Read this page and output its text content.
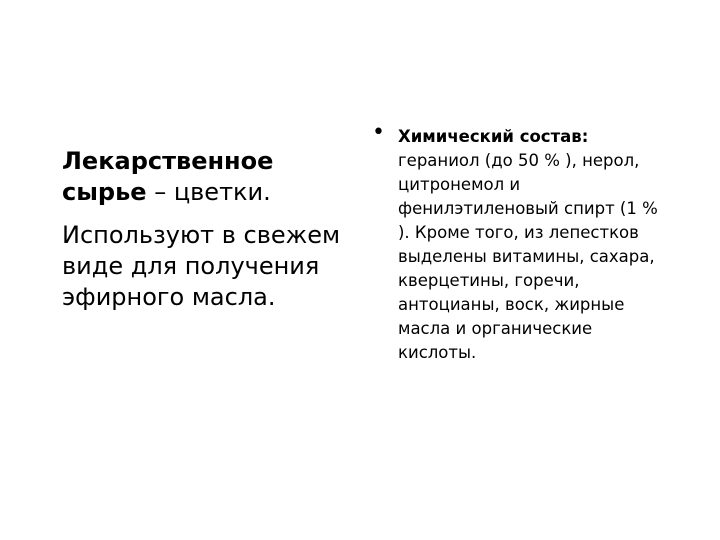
Лекарственное сырье – цветки.

Используют в свежем виде для получения эфирного масла.

• Химический состав: гераниол (до 50 % ), нерол, цитронемол и фенилэтиленовый спирт (1 % ). Кроме того, из лепестков выделены витамины, сахара, кверцетины, горечи, антоцианы, воск, жирные масла и органические кислоты.
